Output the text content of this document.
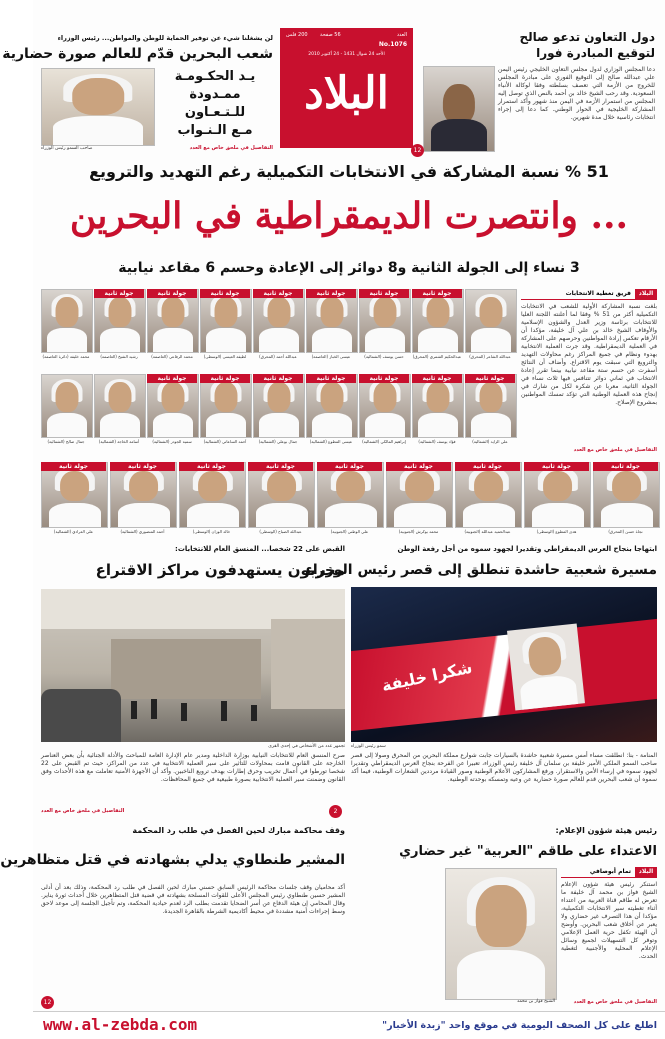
البلاد
العدد
No.1076
56 صفحة
200 فلس
الأحد 24 شوال 1431 - 24 أكتوبر 2010
لن يشغلنا شيء عن توفير الحماية للوطن والمواطن... رئيس الوزراء
شعب البحرين قدّم للعالم صورة حضارية
صاحب السمو رئيس الوزراء
يـد الحكـومـة
ممـدودة
للـتـعـاون
مـع الـنـواب
التفاصيل في ملحق خاص مع العدد
دول التعاون تدعو صالح
لتوقيع المبادرة فورا
دعا المجلس الوزاري لدول مجلس التعاون الخليجي رئيس اليمن علي عبدالله صالح إلى التوقيع الفوري على مبادرة المجلس للخروج من الأزمة التي تعصف بسلطته وفقا لوكالة الأنباء السعودية. وقد رحب الشيخ خالد بن أحمد بالنص الذي توصل إليه المجلس من استمرار الأزمة في اليمن منذ شهور وأكد استمرار المشاركة الخليجية في الحوار الوطني. كما دعا إلى إجراء انتخابات رئاسية خلال مدة شهرين.
12
51 % نسبة المشاركة في الانتخابات التكميلية رغم التهديد والترويع
... وانتصرت الديمقراطية في البحرين
3 نساء إلى الجولة الثانية و8 دوائر إلى الإعادة وحسم 6 مقاعد نيابية
البلاد
فريق تغطية الانتخابات
بلغت نسبة المشاركة الأولية للشعب في الانتخابات التكميلية أكثر من 51 % وفقا لما أعلنته اللجنة العليا للانتخابات برئاسة وزير العدل والشؤون الإسلامية والأوقاف الشيخ خالد بن علي آل خليفة، مؤكدا أن الأرقام تعكس إرادة المواطنين وحرصهم على المشاركة في العملية الديمقراطية. وقد جرت العملية الانتخابية بهدوء ونظام في جميع المراكز رغم محاولات التهديد والترويع التي سبقت يوم الاقتراع. وأضاف أن النتائج أسفرت عن حسم ستة مقاعد نيابية بينما تقرر إعادة الانتخاب في ثماني دوائر تتنافس فيها ثلاث نساء في الجولة الثانية، معربا عن شكره لكل من شارك في إنجاح هذه العملية الوطنية التي تؤكد تمسك المواطنين بمشروع الإصلاح.
التفاصيل في ملحق خاص مع العدد
محمد خليفة (دائرة العاصمة)
جولة ثانية
رشيد الشيخ (العاصمة)
جولة ثانية
محمد الرفاعي (العاصمة)
جولة ثانية
لطيفة العيسى (الوسطى)
جولة ثانية
عبدالله أحمد (المحرق)
جولة ثانية
عيسى الخباز (العاصمة)
جولة ثانية
حسن يوسف (الشمالية)
جولة ثانية
عبدالحكيم الشمري (المحرق)	عبدالله الشاعر (المحرق)
جمال صالح (الشمالية)	أسامة الخاجة (الشمالية)
جولة ثانية
سمية الجودر (الشمالية)
جولة ثانية
أحمد الساعاتي (الشمالية)
جولة ثانية
جمال بوعلي (الشمالية)
جولة ثانية
عيسى المطوع (الشمالية)
جولة ثانية
إبراهيم المالكي (الشمالية)
جولة ثانية
فؤاد يوسف (الشمالية)
جولة ثانية
علي الزايد (الشمالية)
جولة ثانية
علي العرادي (الشمالية)
جولة ثانية
أحمد المنصوري (الشمالية)
جولة ثانية
خالد الوزان (الوسطى)
جولة ثانية
عبدالله الصباح (الوسطى)
جولة ثانية
علي الوطني (الجنوبية)
جولة ثانية
محمد بوكرش (الجنوبية)
جولة ثانية
عبدالحميد عبدالله (الجنوبية)
جولة ثانية
هدى المطوع (الوسطى)
جولة ثانية
نجاة حسن (المحرق)
ابتهاجا بنجاح العرس الديمقراطي وتقديرا لجهود سموه من أجل رفعة الوطن
مسيرة شعبية حاشدة تنطلق إلى قصر رئيس الوزراء
شكرا خليفة
سمو رئيس الوزراء
المنامة - بنا: انطلقت مساء أمس مسيرة شعبية حاشدة بالسيارات جابت شوارع مملكة البحرين من المحرق وصولا إلى قصر صاحب السمو الملكي الأمير خليفة بن سلمان آل خليفة رئيس الوزراء، تعبيرا عن الفرحة بنجاح العرس الديمقراطي وتقديرا لجهود سموه في إرساء الأمن والاستقرار. ورفع المشاركون الأعلام الوطنية وصور القيادة مرددين الشعارات الوطنية، فيما أكد سموه أن شعب البحرين قدم للعالم صورة حضارية عن وعيه وتمسكه بوحدته الوطنية.
2
القبض على 22 شخصا... المنسق العام للانتخابات:
مخربون يستهدفون مراكز الاقتراع
تجمهر عدد من الأشخاص في إحدى القرى
صرح المنسق العام للانتخابات النيابية بوزارة الداخلية ومدير عام الإدارة العامة للمباحث والأدلة الجنائية بأن بعض العناصر الخارجة على القانون قامت بمحاولات للتأثير على سير العملية الانتخابية في عدد من المراكز، حيث تم القبض على 22 شخصا تورطوا في أعمال تخريب وحرق إطارات بهدف ترويع الناخبين. وأكد أن الأجهزة الأمنية تعاملت مع هذه الأحداث وفق القانون وضمنت سير العملية الانتخابية بصورة طبيعية في جميع المحافظات.
التفاصيل في ملحق خاص مع العدد
وقف محاكمة مبارك لحين الفصل في طلب رد المحكمة
المشير طنطاوي يدلي بشهادته في قتل متظاهرين
أكد محاميان وقف جلسات محاكمة الرئيس السابق حسني مبارك لحين الفصل في طلب رد المحكمة، وذلك بعد أن أدلى المشير حسين طنطاوي رئيس المجلس الأعلى للقوات المسلحة بشهادته في قضية قتل المتظاهرين خلال أحداث ثورة يناير. وقال المحامي إن هيئة الدفاع عن أسر الضحايا تقدمت بطلب الرد لعدم حيادية المحكمة، وتم تأجيل الجلسة إلى موعد لاحق وسط إجراءات أمنية مشددة في محيط أكاديمية الشرطة بالقاهرة الجديدة.
12
رئيس هيئة شؤون الإعلام:
الاعتداء على طاقم "العربية" غير حضاري
البلاد
تمام أبوصافي
استنكر رئيس هيئة شؤون الإعلام الشيخ فواز بن محمد آل خليفة ما تعرض له طاقم قناة العربية من اعتداء أثناء تغطيته سير الانتخابات التكميلية، مؤكدا أن هذا التصرف غير حضاري ولا يعبر عن أخلاق شعب البحرين. وأوضح أن الهيئة تكفل حرية العمل الإعلامي وتوفر كل التسهيلات لجميع وسائل الإعلام المحلية والأجنبية لتغطية الحدث.
الشيخ فواز بن محمد	التفاصيل في ملحق خاص مع العدد
www.al-zebda.com	اطلع على كل الصحف اليومية في موقع واحد "زبدة الأخبار"
